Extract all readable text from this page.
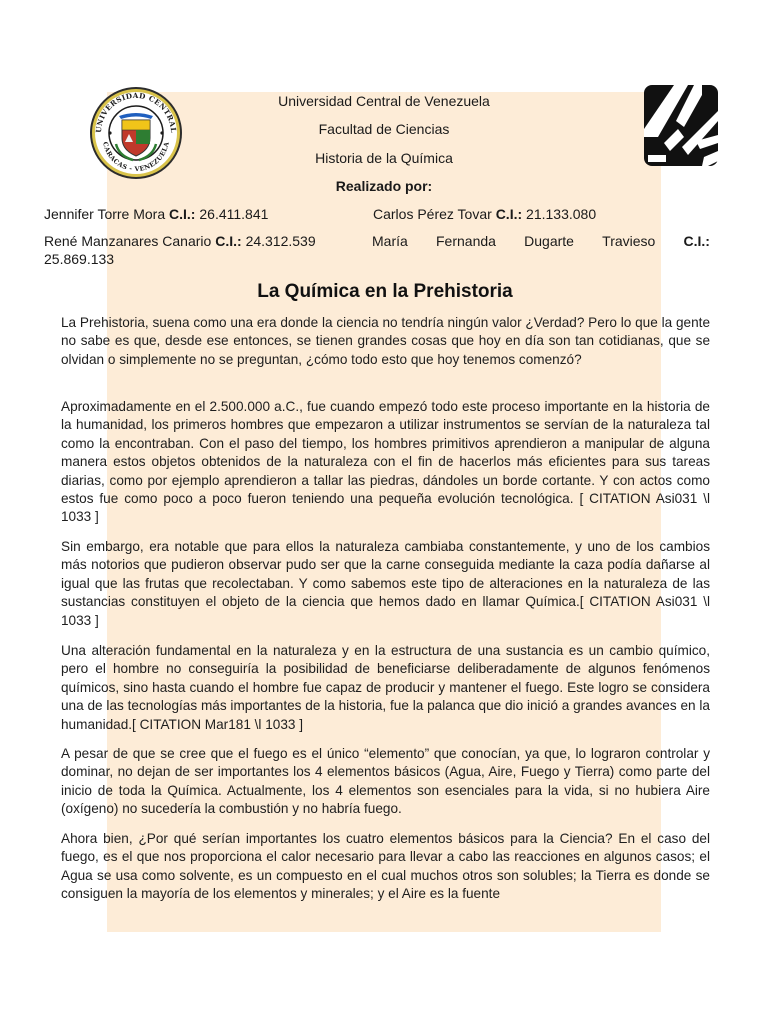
UNIVERSIDAD CENTRAL
CARACAS - VENEZUELA
Universidad Central de Venezuela
Facultad de Ciencias
Historia de la Química
Realizado por:
Jennifer Torre Mora C.I.: 26.411.841	Carlos Pérez Tovar C.I.: 21.133.080
René Manzanares Canario C.I.: 24.312.539	María Fernanda Dugarte Travieso C.I.:
25.869.133
La Química en la Prehistoria

La Prehistoria, suena como una era donde la ciencia no tendría ningún valor ¿Verdad? Pero lo que la gente no sabe es que, desde ese entonces, se tienen grandes cosas que hoy en día son tan cotidianas, que se olvidan o simplemente no se preguntan, ¿cómo todo esto que hoy tenemos comenzó?

Aproximadamente en el 2.500.000 a.C., fue cuando empezó todo este proceso importante en la historia de la humanidad, los primeros hombres que empezaron a utilizar instrumentos se servían de la naturaleza tal como la encontraban. Con el paso del tiempo, los hombres primitivos aprendieron a manipular de alguna manera estos objetos obtenidos de la naturaleza con el fin de hacerlos más eficientes para sus tareas diarias, como por ejemplo aprendieron a tallar las piedras, dándoles un borde cortante. Y con actos como estos fue como poco a poco fueron teniendo una pequeña evolución tecnológica. [ CITATION Asi031 \l 1033 ]

Sin embargo, era notable que para ellos la naturaleza cambiaba constantemente, y uno de los cambios más notorios que pudieron observar pudo ser que la carne conseguida mediante la caza podía dañarse al igual que las frutas que recolectaban. Y como sabemos este tipo de alteraciones en la naturaleza de las sustancias constituyen el objeto de la ciencia que hemos dado en llamar Química.[ CITATION Asi031 \l 1033 ]

Una alteración fundamental en la naturaleza y en la estructura de una sustancia es un cambio químico, pero el hombre no conseguiría la posibilidad de beneficiarse deliberadamente de algunos fenómenos químicos, sino hasta cuando el hombre fue capaz de producir y mantener el fuego. Este logro se considera una de las tecnologías más importantes de la historia, fue la palanca que dio inició a grandes avances en la humanidad.[ CITATION Mar181 \l 1033 ]

A pesar de que se cree que el fuego es el único “elemento” que conocían, ya que, lo lograron controlar y dominar, no dejan de ser importantes los 4 elementos básicos (Agua, Aire, Fuego y Tierra) como parte del inicio de toda la Química. Actualmente, los 4 elementos son esenciales para la vida, si no hubiera Aire (oxígeno) no sucedería la combustión y no habría fuego.

Ahora bien, ¿Por qué serían importantes los cuatro elementos básicos para la Ciencia? En el caso del fuego, es el que nos proporciona el calor necesario para llevar a cabo las reacciones en algunos casos; el Agua se usa como solvente, es un compuesto en el cual muchos otros son solubles; la Tierra es donde se consiguen la mayoría de los elementos y minerales; y el Aire es la fuente
